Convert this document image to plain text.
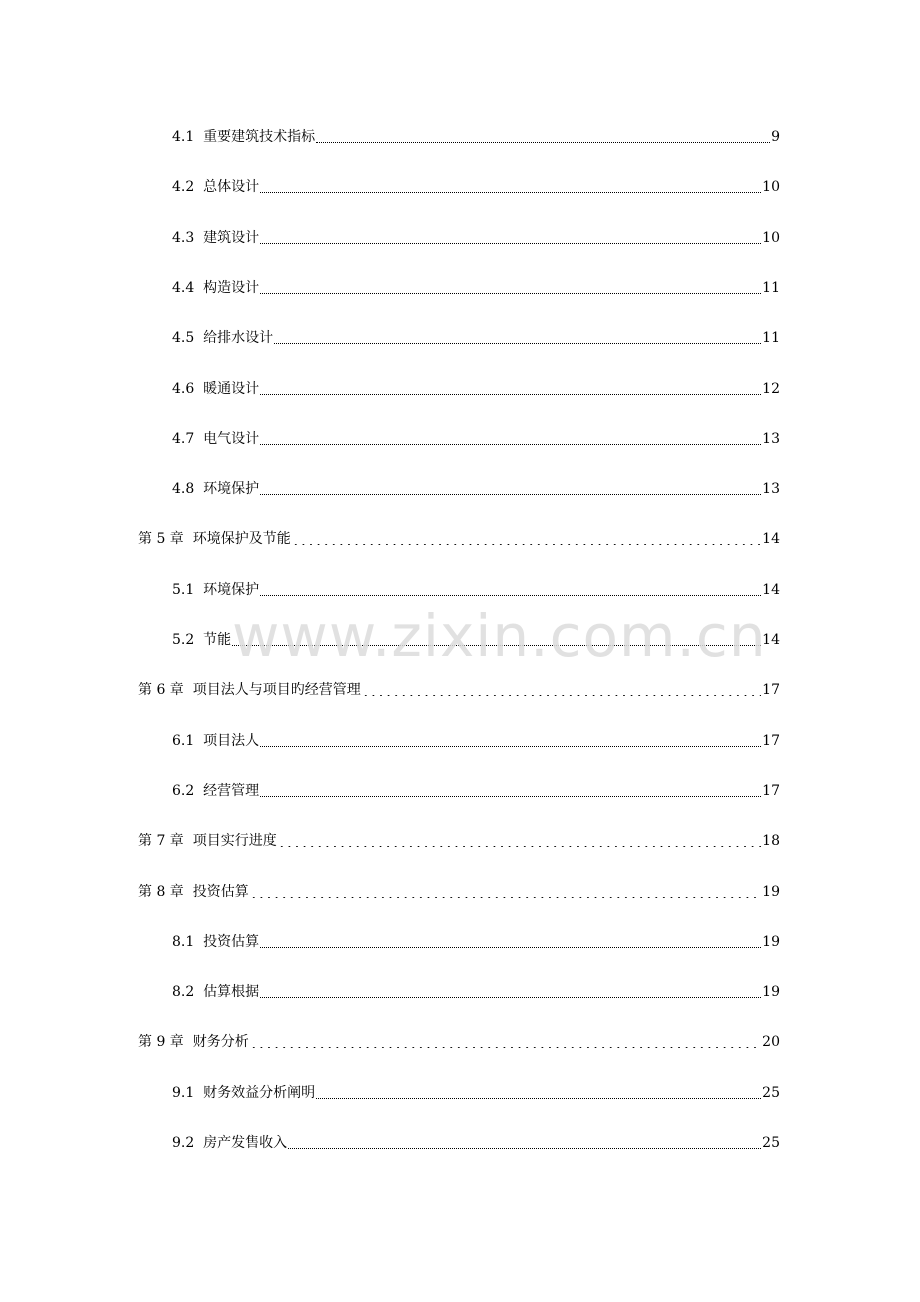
4.1  重要建筑技术指标	9
4.2  总体设计	10
4.3  建筑设计	10
4.4  构造设计	11
4.5  给排水设计	11
4.6  暖通设计	12
4.7  电气设计	13
4.8  环境保护	13
第 5 章  环境保护及节能	14
5.1  环境保护	14
5.2  节能	14
第 6 章  项目法人与项目旳经营管理	17
6.1  项目法人	17
6.2  经营管理	17
第 7 章  项目实行进度	18
第 8 章  投资估算	19
8.1  投资估算	19
8.2  估算根据	19
第 9 章  财务分析	20
9.1  财务效益分析阐明	25
9.2  房产发售收入	25
www.zixin.com.cn
